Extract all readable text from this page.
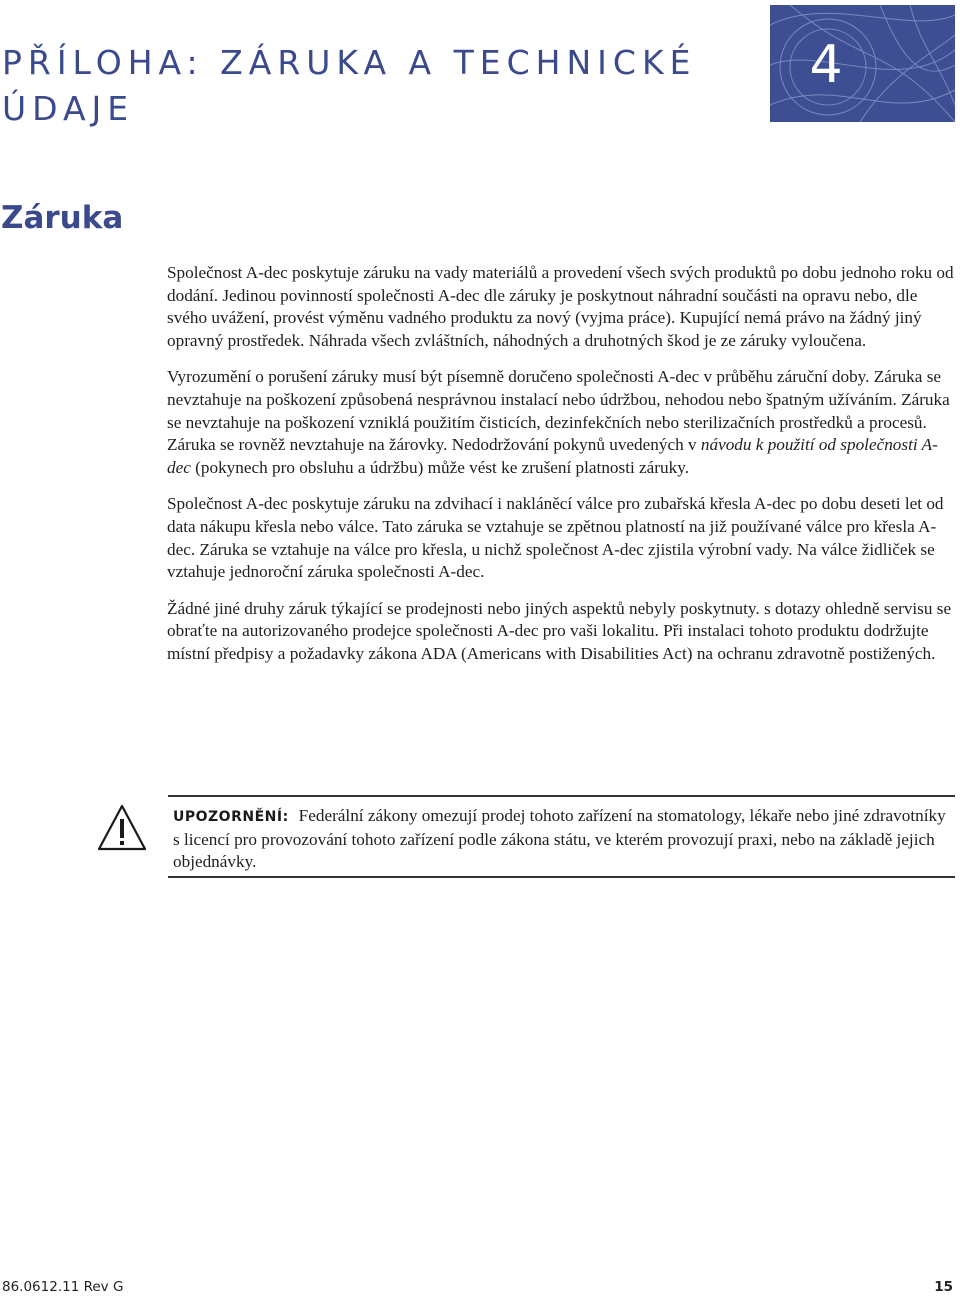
PŘÍLOHA: ZÁRUKA A TECHNICKÉ ÚDAJE
4
Záruka

Společnost A-dec poskytuje záruku na vady materiálů a provedení všech svých produktů po dobu jednoho roku od dodání. Jedinou povinností společnosti A-dec dle záruky je poskytnout náhradní součásti na opravu nebo, dle svého uvážení, provést výměnu vadného produktu za nový (vyjma práce). Kupující nemá právo na žádný jiný opravný prostředek. Náhrada všech zvláštních, náhodných a druhotných škod je ze záruky vyloučena.

Vyrozumění o porušení záruky musí být písemně doručeno společnosti A-dec v průběhu záruční doby. Záruka se nevztahuje na poškození způsobená nesprávnou instalací nebo údržbou, nehodou nebo špatným užíváním. Záruka se nevztahuje na poškození vzniklá použitím čisticích, dezinfekčních nebo sterilizačních prostředků a procesů. Záruka se rovněž nevztahuje na žárovky. Nedodržování pokynů uvedených v návodu k použití od společnosti A-dec (pokynech pro obsluhu a údržbu) může vést ke zrušení platnosti záruky.

Společnost A-dec poskytuje záruku na zdvihací i nakláněcí válce pro zubařská křesla A-dec po dobu deseti let od data nákupu křesla nebo válce. Tato záruka se vztahuje se zpětnou platností na již používané válce pro křesla A-dec. Záruka se vztahuje na válce pro křesla, u nichž společnost A-dec zjistila výrobní vady. Na válce židliček se vztahuje jednoroční záruka společnosti A-dec.

Žádné jiné druhy záruk týkající se prodejnosti nebo jiných aspektů nebyly poskytnuty. s dotazy ohledně servisu se obraťte na autorizovaného prodejce společnosti A-dec pro vaši lokalitu. Při instalaci tohoto produktu dodržujte místní předpisy a požadavky zákona ADA (Americans with Disabilities Act) na ochranu zdravotně postižených.

UPOZORNĚNÍ: Federální zákony omezují prodej tohoto zařízení na stomatology, lékaře nebo jiné zdravotníky s licencí pro provozování tohoto zařízení podle zákona státu, ve kterém provozují praxi, nebo na základě jejich objednávky.

86.0612.11 Rev G	15
